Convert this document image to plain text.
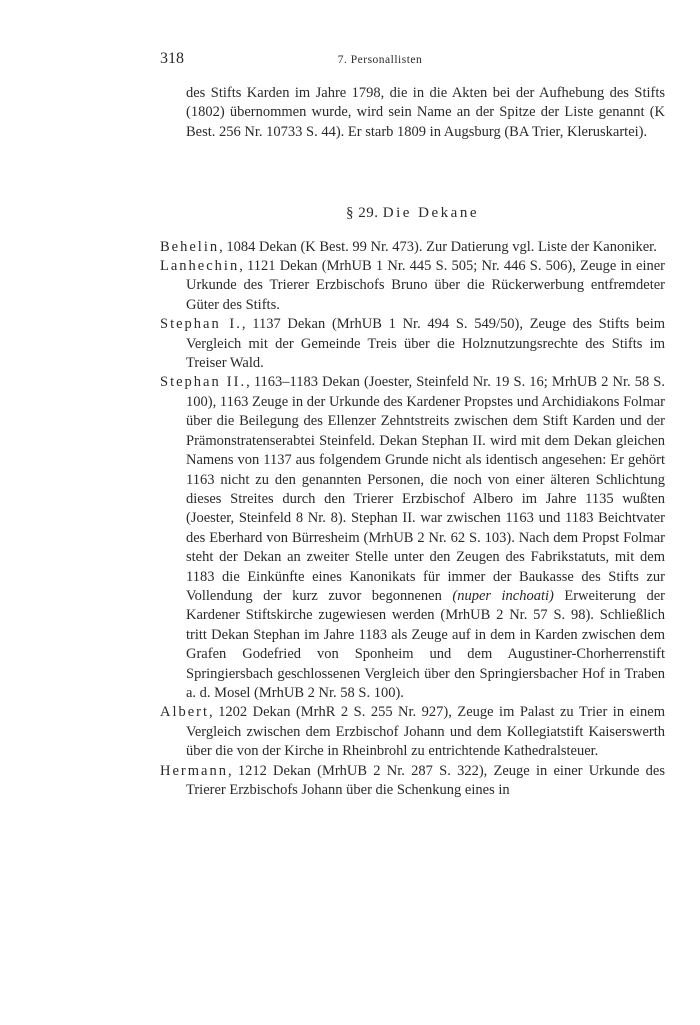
318	7. Personallisten

des Stifts Karden im Jahre 1798, die in die Akten bei der Aufhebung des Stifts (1802) übernommen wurde, wird sein Name an der Spitze der Liste genannt (K Best. 256 Nr. 10733 S. 44). Er starb 1809 in Augsburg (BA Trier, Kleruskartei).

§ 29. Die Dekane

Behelin, 1084 Dekan (K Best. 99 Nr. 473). Zur Datierung vgl. Liste der Kanoniker.

Lanhechin, 1121 Dekan (MrhUB 1 Nr. 445 S. 505; Nr. 446 S. 506), Zeuge in einer Urkunde des Trierer Erzbischofs Bruno über die Rückerwerbung entfremdeter Güter des Stifts.

Stephan I., 1137 Dekan (MrhUB 1 Nr. 494 S. 549/50), Zeuge des Stifts beim Vergleich mit der Gemeinde Treis über die Holznutzungsrechte des Stifts im Treiser Wald.

Stephan II., 1163–1183 Dekan (Joester, Steinfeld Nr. 19 S. 16; MrhUB 2 Nr. 58 S. 100), 1163 Zeuge in der Urkunde des Kardener Propstes und Archidiakons Folmar über die Beilegung des Ellenzer Zehntstreits zwischen dem Stift Karden und der Prämonstratenserabtei Steinfeld. Dekan Stephan II. wird mit dem Dekan gleichen Namens von 1137 aus folgendem Grunde nicht als identisch angesehen: Er gehört 1163 nicht zu den genannten Personen, die noch von einer älteren Schlichtung dieses Streites durch den Trierer Erzbischof Albero im Jahre 1135 wußten (Joester, Steinfeld 8 Nr. 8). Stephan II. war zwischen 1163 und 1183 Beichtvater des Eberhard von Bürresheim (MrhUB 2 Nr. 62 S. 103). Nach dem Propst Folmar steht der Dekan an zweiter Stelle unter den Zeugen des Fabrikstatuts, mit dem 1183 die Einkünfte eines Kanonikats für immer der Baukasse des Stifts zur Vollendung der kurz zuvor begonnenen (nuper inchoati) Erweiterung der Kardener Stiftskirche zugewiesen werden (MrhUB 2 Nr. 57 S. 98). Schließlich tritt Dekan Stephan im Jahre 1183 als Zeuge auf in dem in Karden zwischen dem Grafen Godefried von Sponheim und dem Augustiner-Chorherrenstift Springiersbach geschlossenen Vergleich über den Springiersbacher Hof in Traben a. d. Mosel (MrhUB 2 Nr. 58 S. 100).

Albert, 1202 Dekan (MrhR 2 S. 255 Nr. 927), Zeuge im Palast zu Trier in einem Vergleich zwischen dem Erzbischof Johann und dem Kollegiatstift Kaiserswerth über die von der Kirche in Rheinbrohl zu entrichtende Kathedralsteuer.

Hermann, 1212 Dekan (MrhUB 2 Nr. 287 S. 322), Zeuge in einer Urkunde des Trierer Erzbischofs Johann über die Schenkung eines in
